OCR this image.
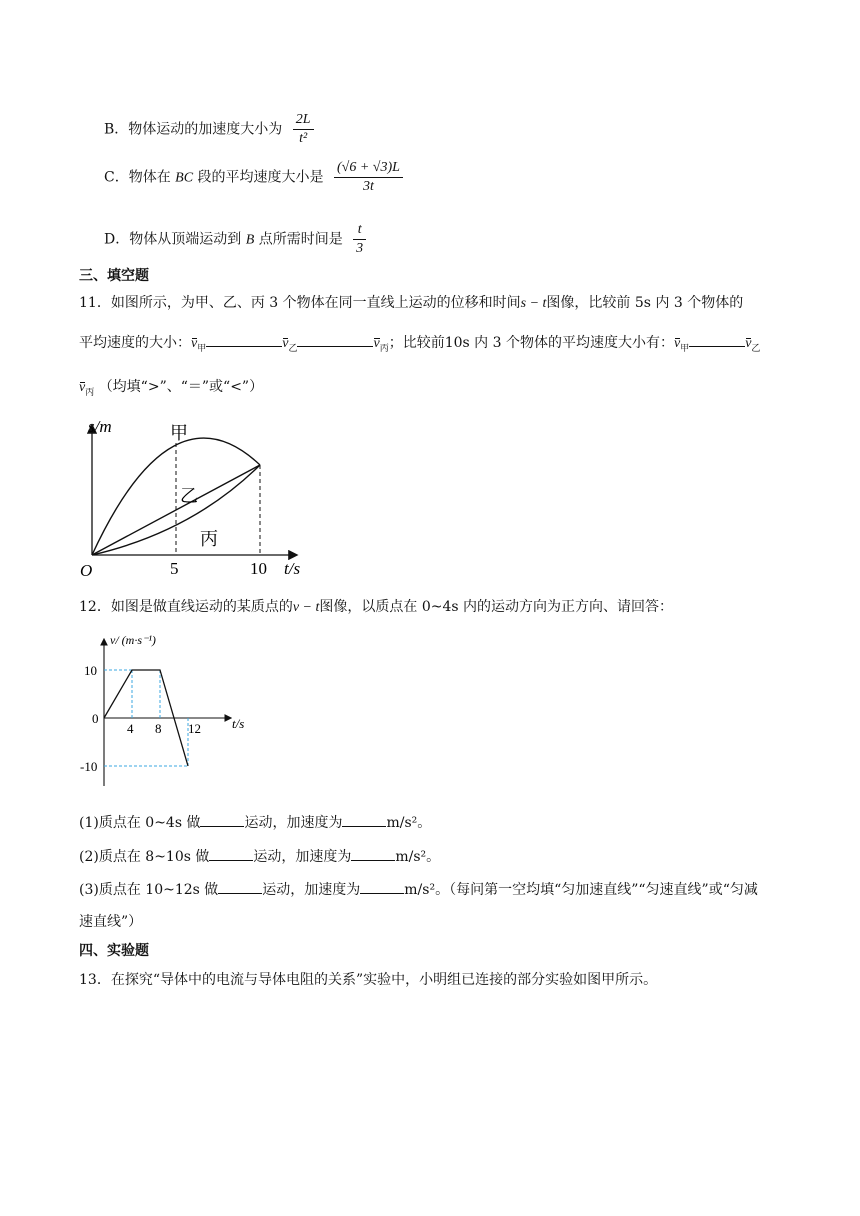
B．物体运动的加速度大小为 $\frac{2L}{\text{t²}}$
C．物体在 BC 段的平均速度大小是 $\frac{(√6 + √3)L}{3t}$
D．物体从顶端运动到 B 点所需时间是 $\frac{t}{3}$
三、填空题
11．如图所示，为甲、乙、丙 3 个物体在同一直线上运动的位移和时间s − t图像，比较前 5s 内 3 个物体的
平均速度的大小：$v_甲$	$v_乙$	$v_丙$；比较前10s 内 3 个物体的平均速度大小有：$v_甲$	$v_乙$
$v_丙$ （均填“>”、“＝”或“<”）
s/m
t/s
O	5	10
甲
乙
丙
12．如图是做直线运动的某质点的v − t图像，以质点在 0~4s 内的运动方向为正方向、请回答：
v/ (m·s⁻¹)
t/s
10
0
-10
4 8 12
(1)质点在 0~4s 做	运动，加速度为	m/s²。
(2)质点在 8~10s 做	运动，加速度为	m/s²。
(3)质点在 10~12s 做	运动，加速度为	m/s²。（每问第一空均填“匀加速直线”“匀速直线”或“匀减
速直线”）
四、实验题
13．在探究“导体中的电流与导体电阻的关系”实验中，小明组已连接的部分实验如图甲所示。
